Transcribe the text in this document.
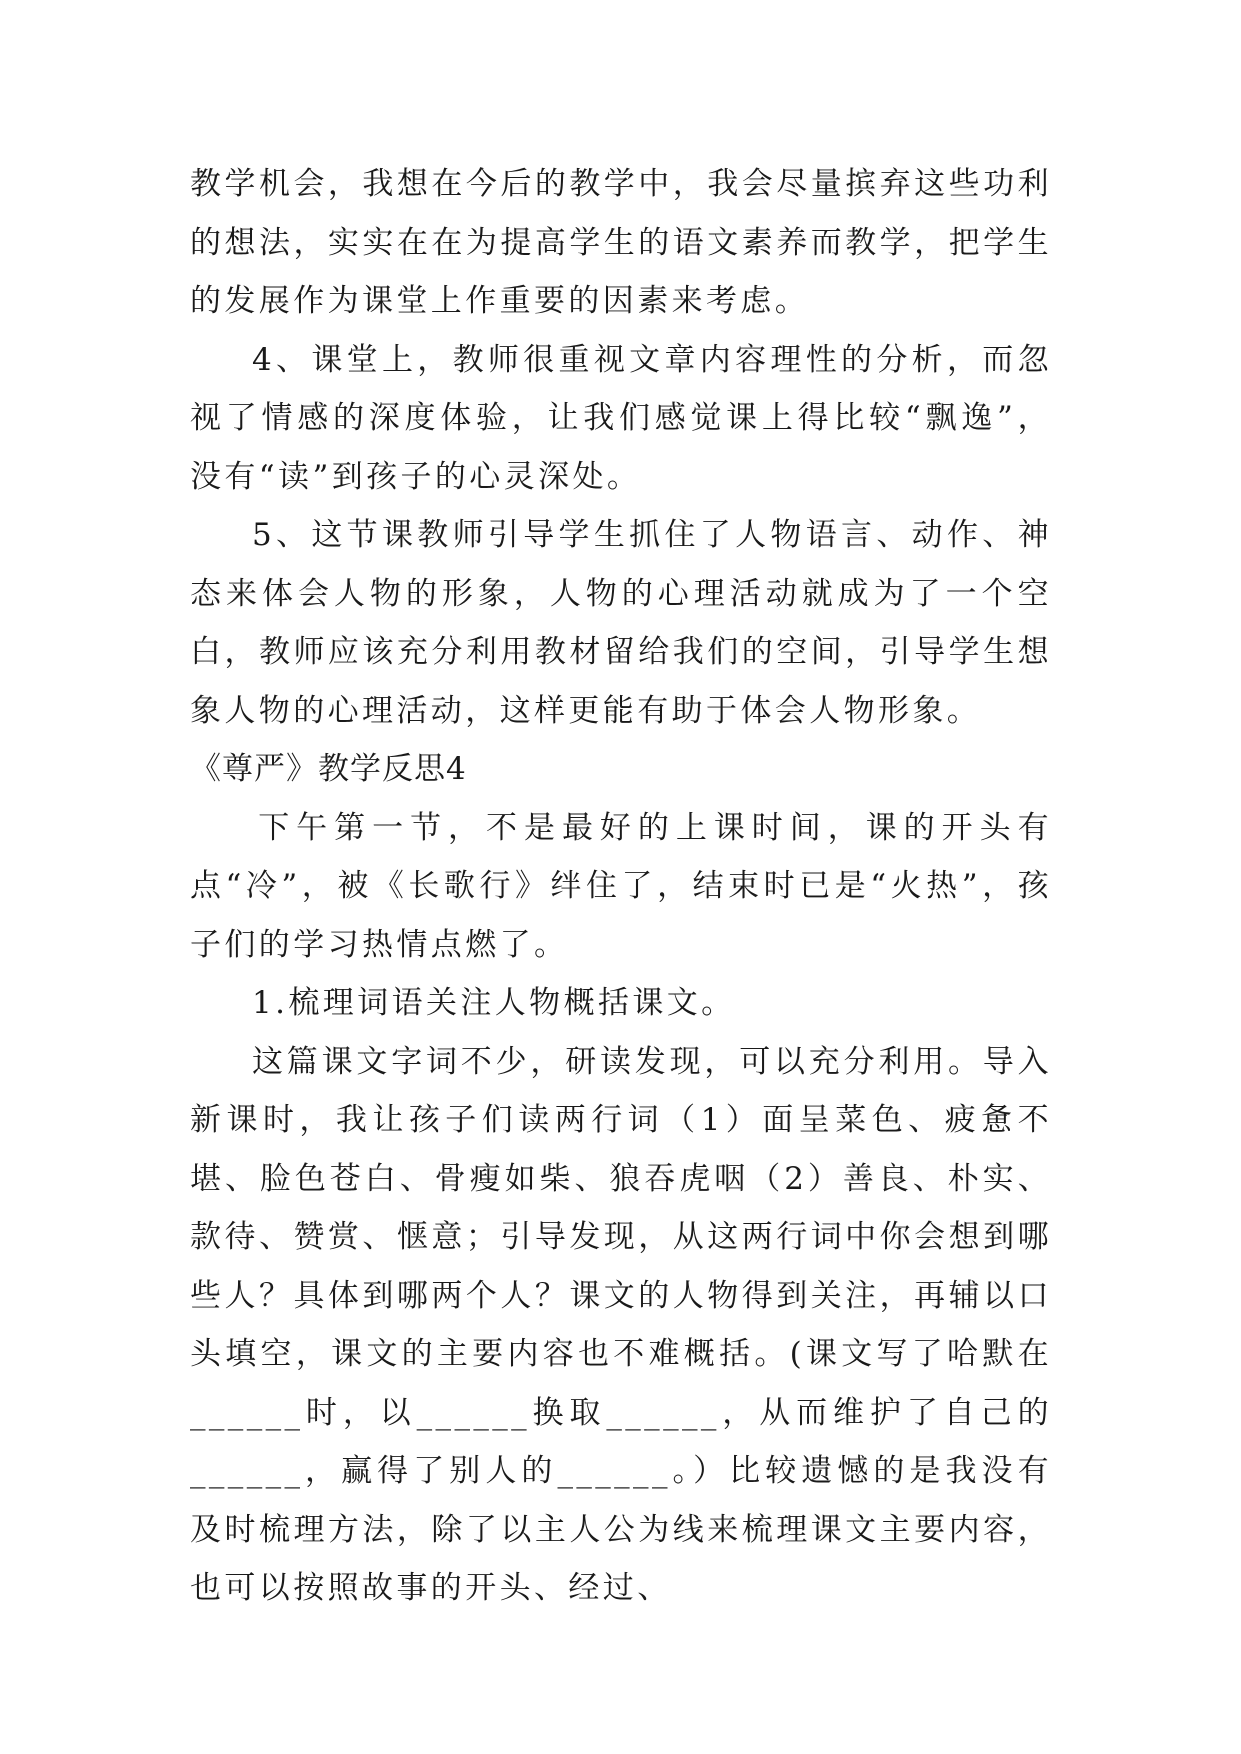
教学机会，我想在今后的教学中，我会尽量摈弃这些功利的想法，实实在在为提高学生的语文素养而教学，把学生的发展作为课堂上作重要的因素来考虑。

4、课堂上，教师很重视文章内容理性的分析，而忽视了情感的深度体验，让我们感觉课上得比较“飘逸”，没有“读”到孩子的心灵深处。

5、这节课教师引导学生抓住了人物语言、动作、神态来体会人物的形象，人物的心理活动就成为了一个空白，教师应该充分利用教材留给我们的空间，引导学生想象人物的心理活动，这样更能有助于体会人物形象。

《尊严》教学反思4

下午第一节，不是最好的上课时间，课的开头有点“冷”，被《长歌行》绊住了，结束时已是“火热”，孩子们的学习热情点燃了。

1.梳理词语关注人物概括课文。

这篇课文字词不少，研读发现，可以充分利用。导入新课时，我让孩子们读两行词（1）面呈菜色、疲惫不堪、脸色苍白、骨瘦如柴、狼吞虎咽（2）善良、朴实、款待、赞赏、惬意；引导发现，从这两行词中你会想到哪些人？具体到哪两个人？课文的人物得到关注，再辅以口头填空，课文的主要内容也不难概括。(课文写了哈默在______时，以______换取______，从而维护了自己的______，赢得了别人的______。）比较遗憾的是我没有及时梳理方法，除了以主人公为线来梳理课文主要内容，也可以按照故事的开头、经过、
